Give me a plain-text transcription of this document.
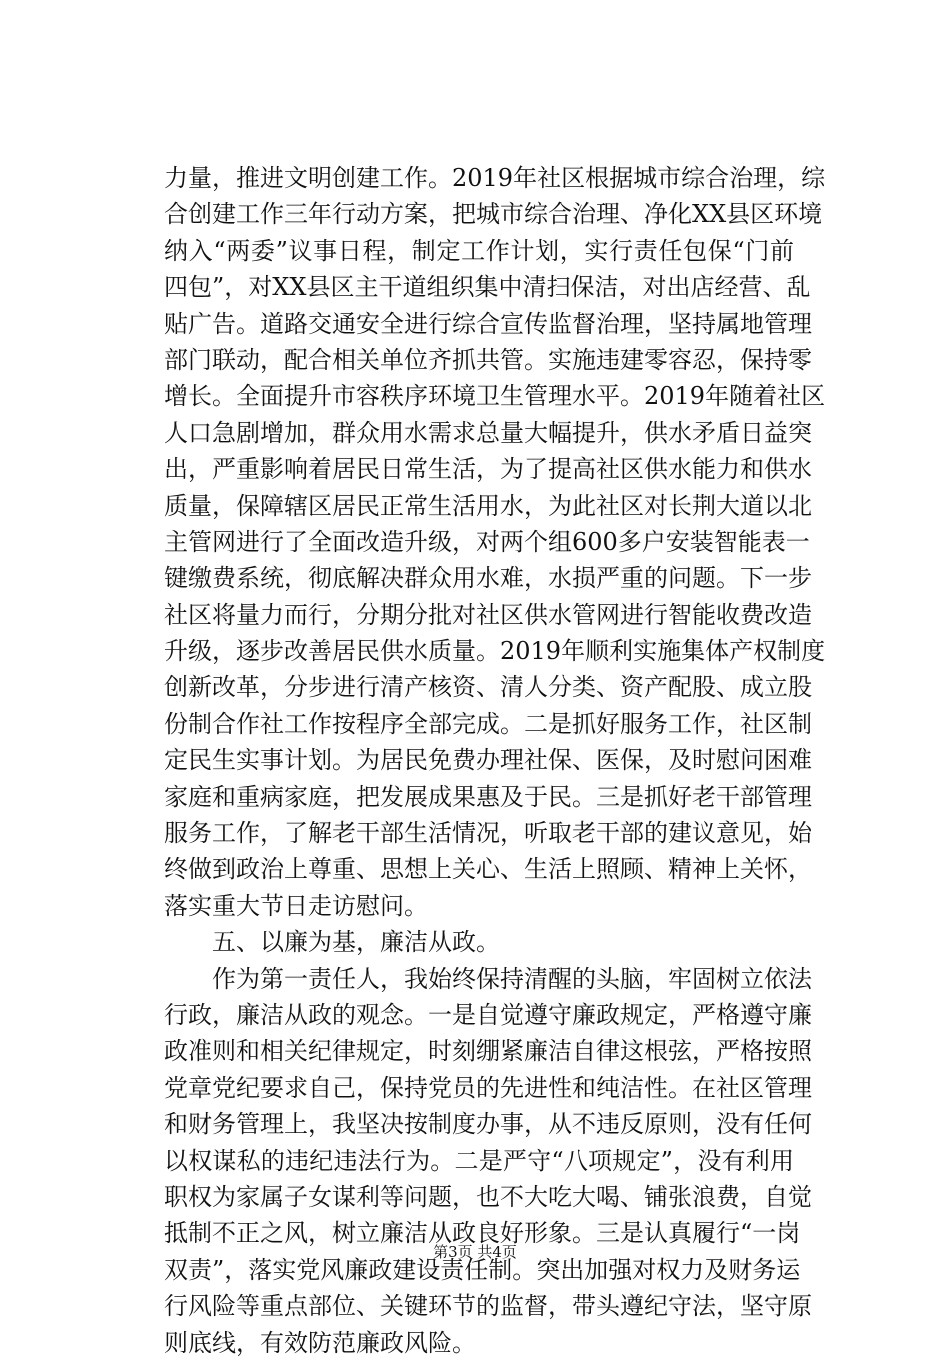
力量，推进文明创建工作。2019年社区根据城市综合治理，综
合创建工作三年行动方案，把城市综合治理、净化XX县区环境
纳入“两委”议事日程，制定工作计划，实行责任包保“门前
四包”，对XX县区主干道组织集中清扫保洁，对出店经营、乱
贴广告。道路交通安全进行综合宣传监督治理，坚持属地管理
部门联动，配合相关单位齐抓共管。实施违建零容忍，保持零
增长。全面提升市容秩序环境卫生管理水平。2019年随着社区
人口急剧增加，群众用水需求总量大幅提升，供水矛盾日益突
出，严重影响着居民日常生活，为了提高社区供水能力和供水
质量，保障辖区居民正常生活用水，为此社区对长荆大道以北
主管网进行了全面改造升级，对两个组600多户安装智能表一
键缴费系统，彻底解决群众用水难，水损严重的问题。下一步
社区将量力而行，分期分批对社区供水管网进行智能收费改造
升级，逐步改善居民供水质量。2019年顺利实施集体产权制度
创新改革，分步进行清产核资、清人分类、资产配股、成立股
份制合作社工作按程序全部完成。二是抓好服务工作，社区制
定民生实事计划。为居民免费办理社保、医保，及时慰问困难
家庭和重病家庭，把发展成果惠及于民。三是抓好老干部管理
服务工作，了解老干部生活情况，听取老干部的建议意见，始
终做到政治上尊重、思想上关心、生活上照顾、精神上关怀，
落实重大节日走访慰问。
五、以廉为基，廉洁从政。
作为第一责任人，我始终保持清醒的头脑，牢固树立依法
行政，廉洁从政的观念。一是自觉遵守廉政规定，严格遵守廉
政准则和相关纪律规定，时刻绷紧廉洁自律这根弦，严格按照
党章党纪要求自己，保持党员的先进性和纯洁性。在社区管理
和财务管理上，我坚决按制度办事，从不违反原则，没有任何
以权谋私的违纪违法行为。二是严守“八项规定”，没有利用
职权为家属子女谋利等问题，也不大吃大喝、铺张浪费，自觉
抵制不正之风，树立廉洁从政良好形象。三是认真履行“一岗
双责”，落实党风廉政建设责任制。突出加强对权力及财务运
行风险等重点部位、关键环节的监督，带头遵纪守法，坚守原
则底线，有效防范廉政风险。
第3页 共4页
